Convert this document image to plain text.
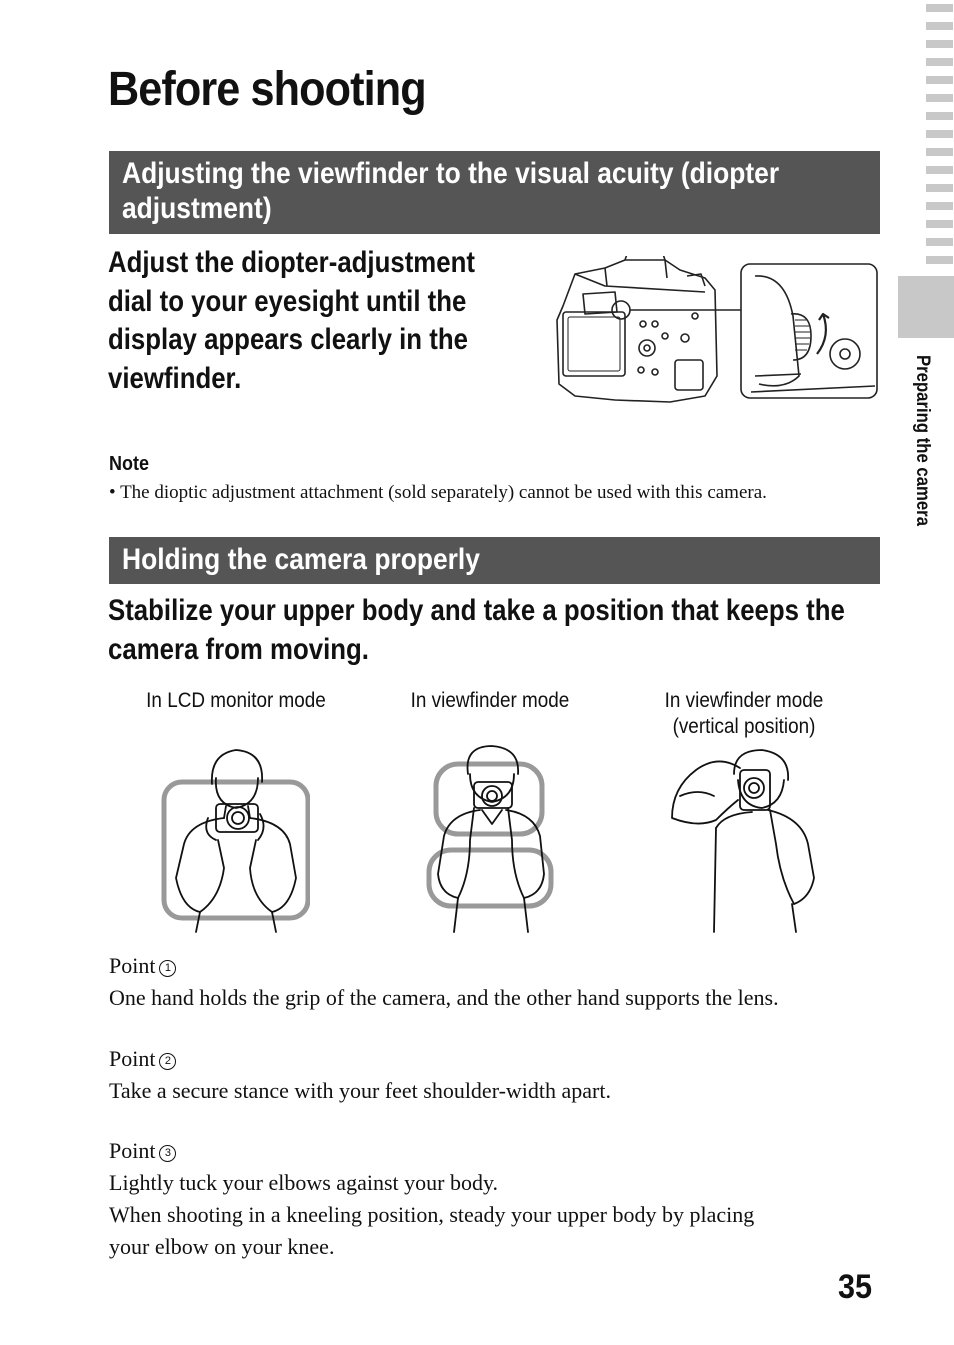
Preparing the camera
Before shooting
Adjusting the viewfinder to the visual acuity (diopter adjustment)
Adjust the diopter-adjustment dial to your eyesight until the display appears clearly in the viewfinder.
Note
• The dioptic adjustment attachment (sold separately) cannot be used with this camera.
Holding the camera properly
Stabilize your upper body and take a position that keeps the camera from moving.
In LCD monitor mode	In viewfinder mode	In viewfinder mode
(vertical position)
Point 1
One hand holds the grip of the camera, and the other hand supports the lens.
Point 2
Take a secure stance with your feet shoulder-width apart.
Point 3
Lightly tuck your elbows against your body.
When shooting in a kneeling position, steady your upper body by placing
your elbow on your knee.
35
